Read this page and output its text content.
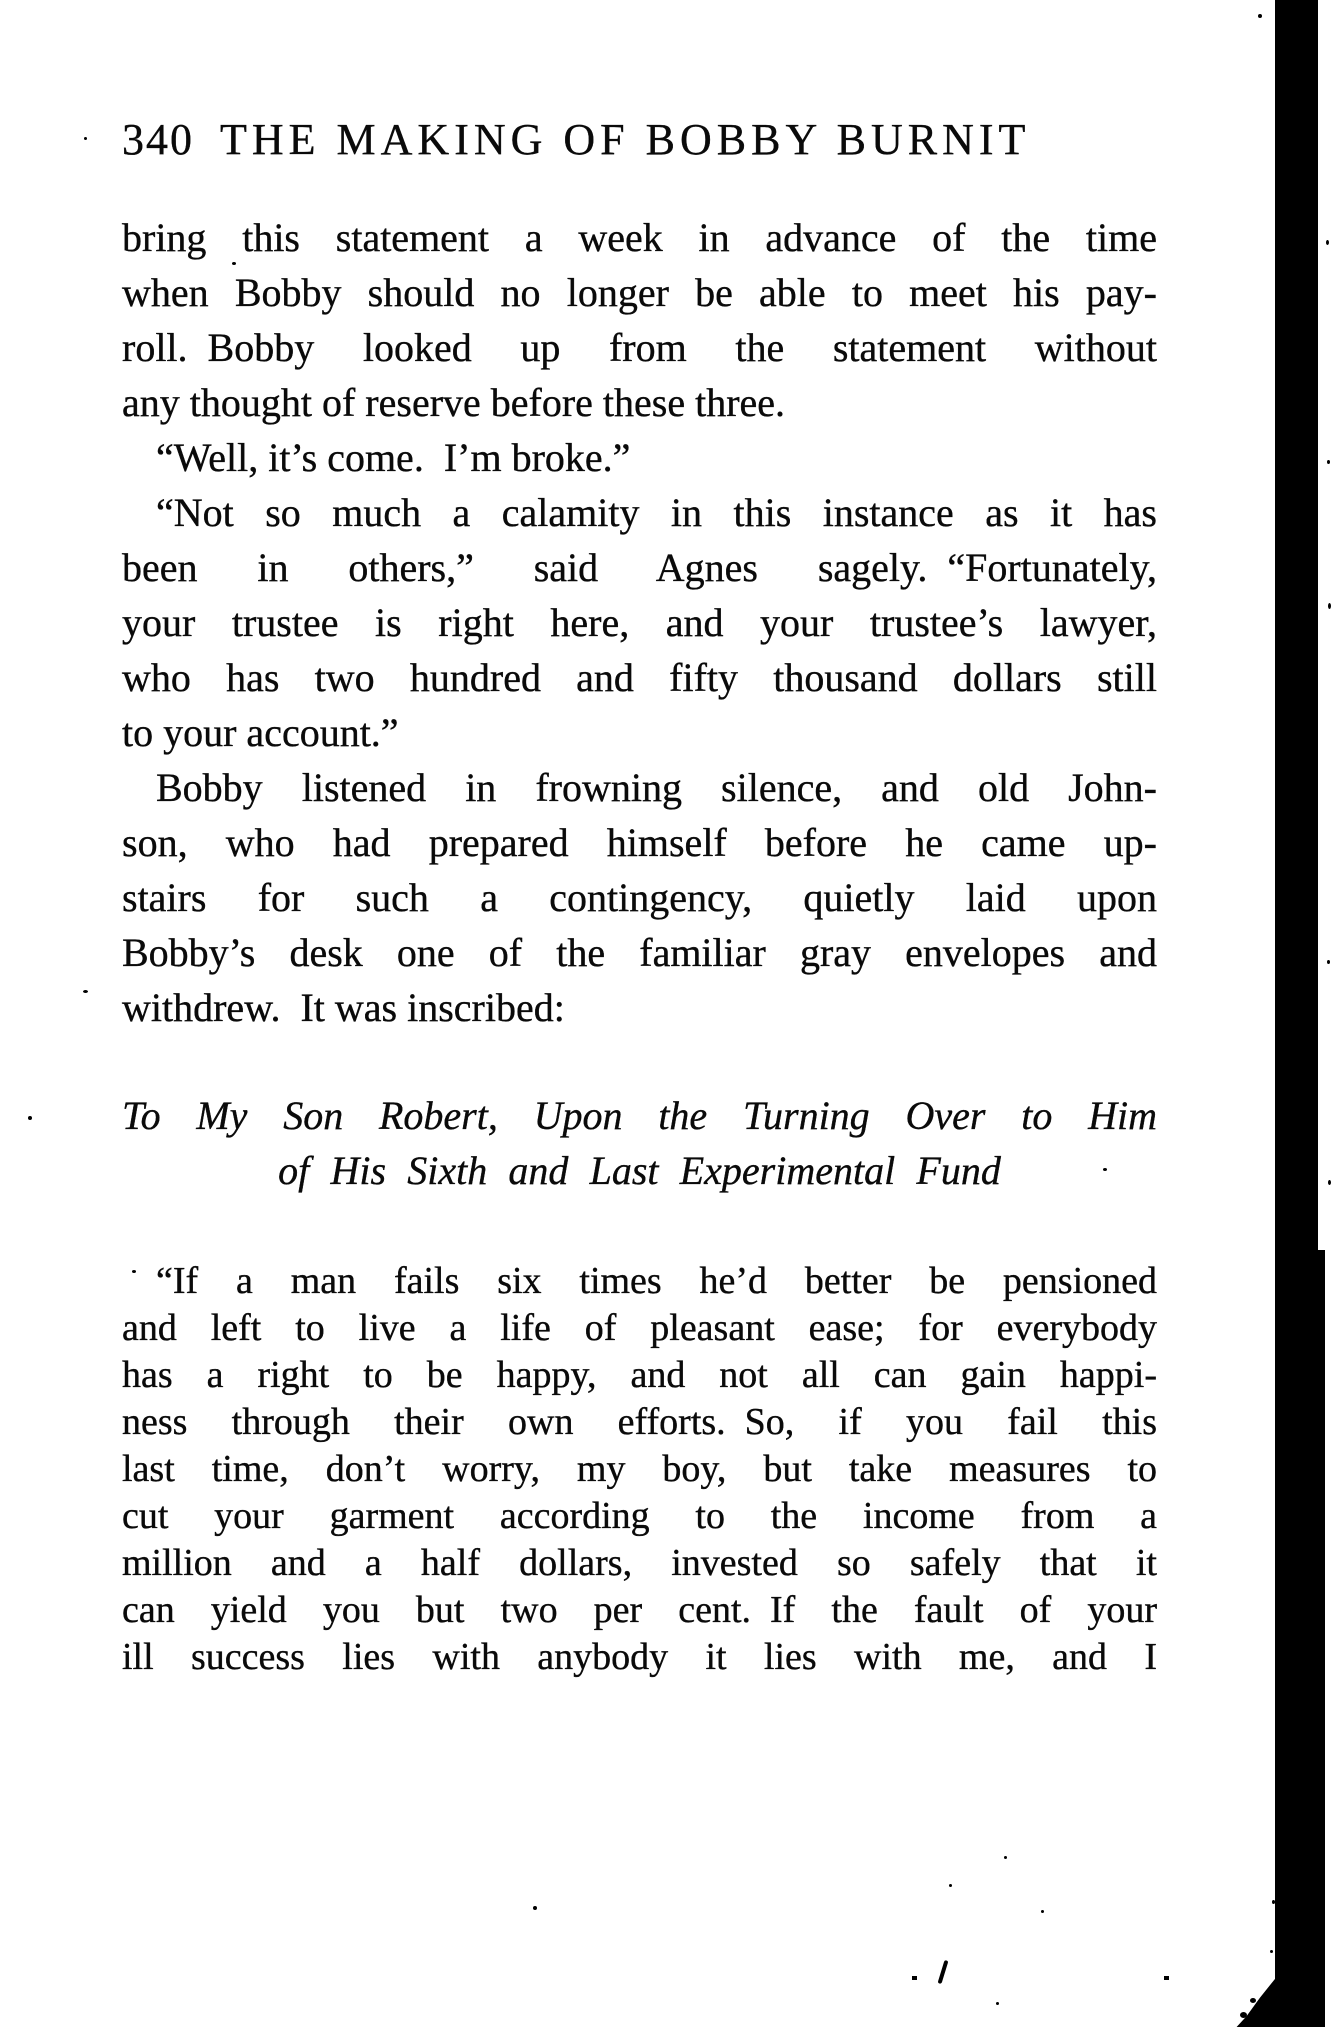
340 THE MAKING OF BOBBY BURNIT
bring this statement a week in advance of the time
when Bobby should no longer be able to meet his pay-
roll. Bobby looked up from the statement without
any thought of reserve before these three.
“Well, it’s come. I’m broke.”
“Not so much a calamity in this instance as it has
been in others,” said Agnes sagely. “Fortunately,
your trustee is right here, and your trustee’s lawyer,
who has two hundred and fifty thousand dollars still
to your account.”
Bobby listened in frowning silence, and old John-
son, who had prepared himself before he came up-
stairs for such a contingency, quietly laid upon
Bobby’s desk one of the familiar gray envelopes and
withdrew. It was inscribed:
To My Son Robert, Upon the Turning Over to Him
of His Sixth and Last Experimental Fund
“If a man fails six times he’d better be pensioned
and left to live a life of pleasant ease; for everybody
has a right to be happy, and not all can gain happi-
ness through their own efforts. So, if you fail this
last time, don’t worry, my boy, but take measures to
cut your garment according to the income from a
million and a half dollars, invested so safely that it
can yield you but two per cent. If the fault of your
ill success lies with anybody it lies with me, and I
